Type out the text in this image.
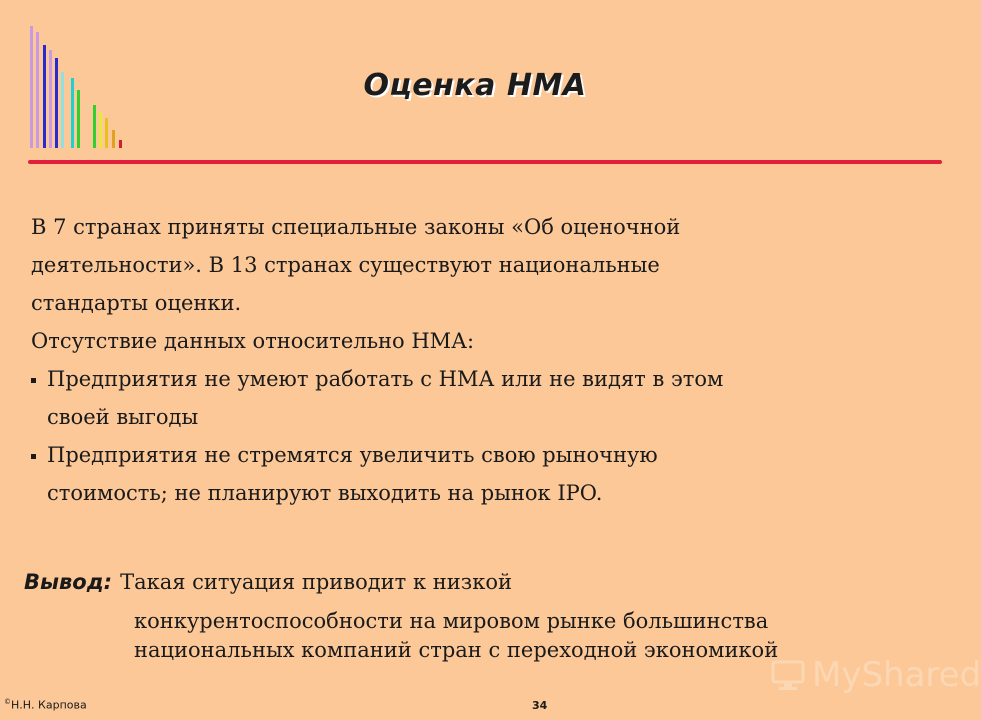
Оценка НМА
В 7 странах приняты специальные законы «Об оценочной
деятельности». В 13 странах существуют национальные
стандарты оценки.
Отсутствие данных относительно НМА:
Предприятия не умеют работать с НМА или не видят в этом
своей выгоды
Предприятия не стремятся увеличить свою рыночную
стоимость; не планируют выходить на рынок IPO.
Вывод: Такая ситуация приводит к низкой
конкурентоспособности на мировом рынке большинства
национальных компаний стран с переходной экономикой
©Н.Н. Карпова	34
MyShared
